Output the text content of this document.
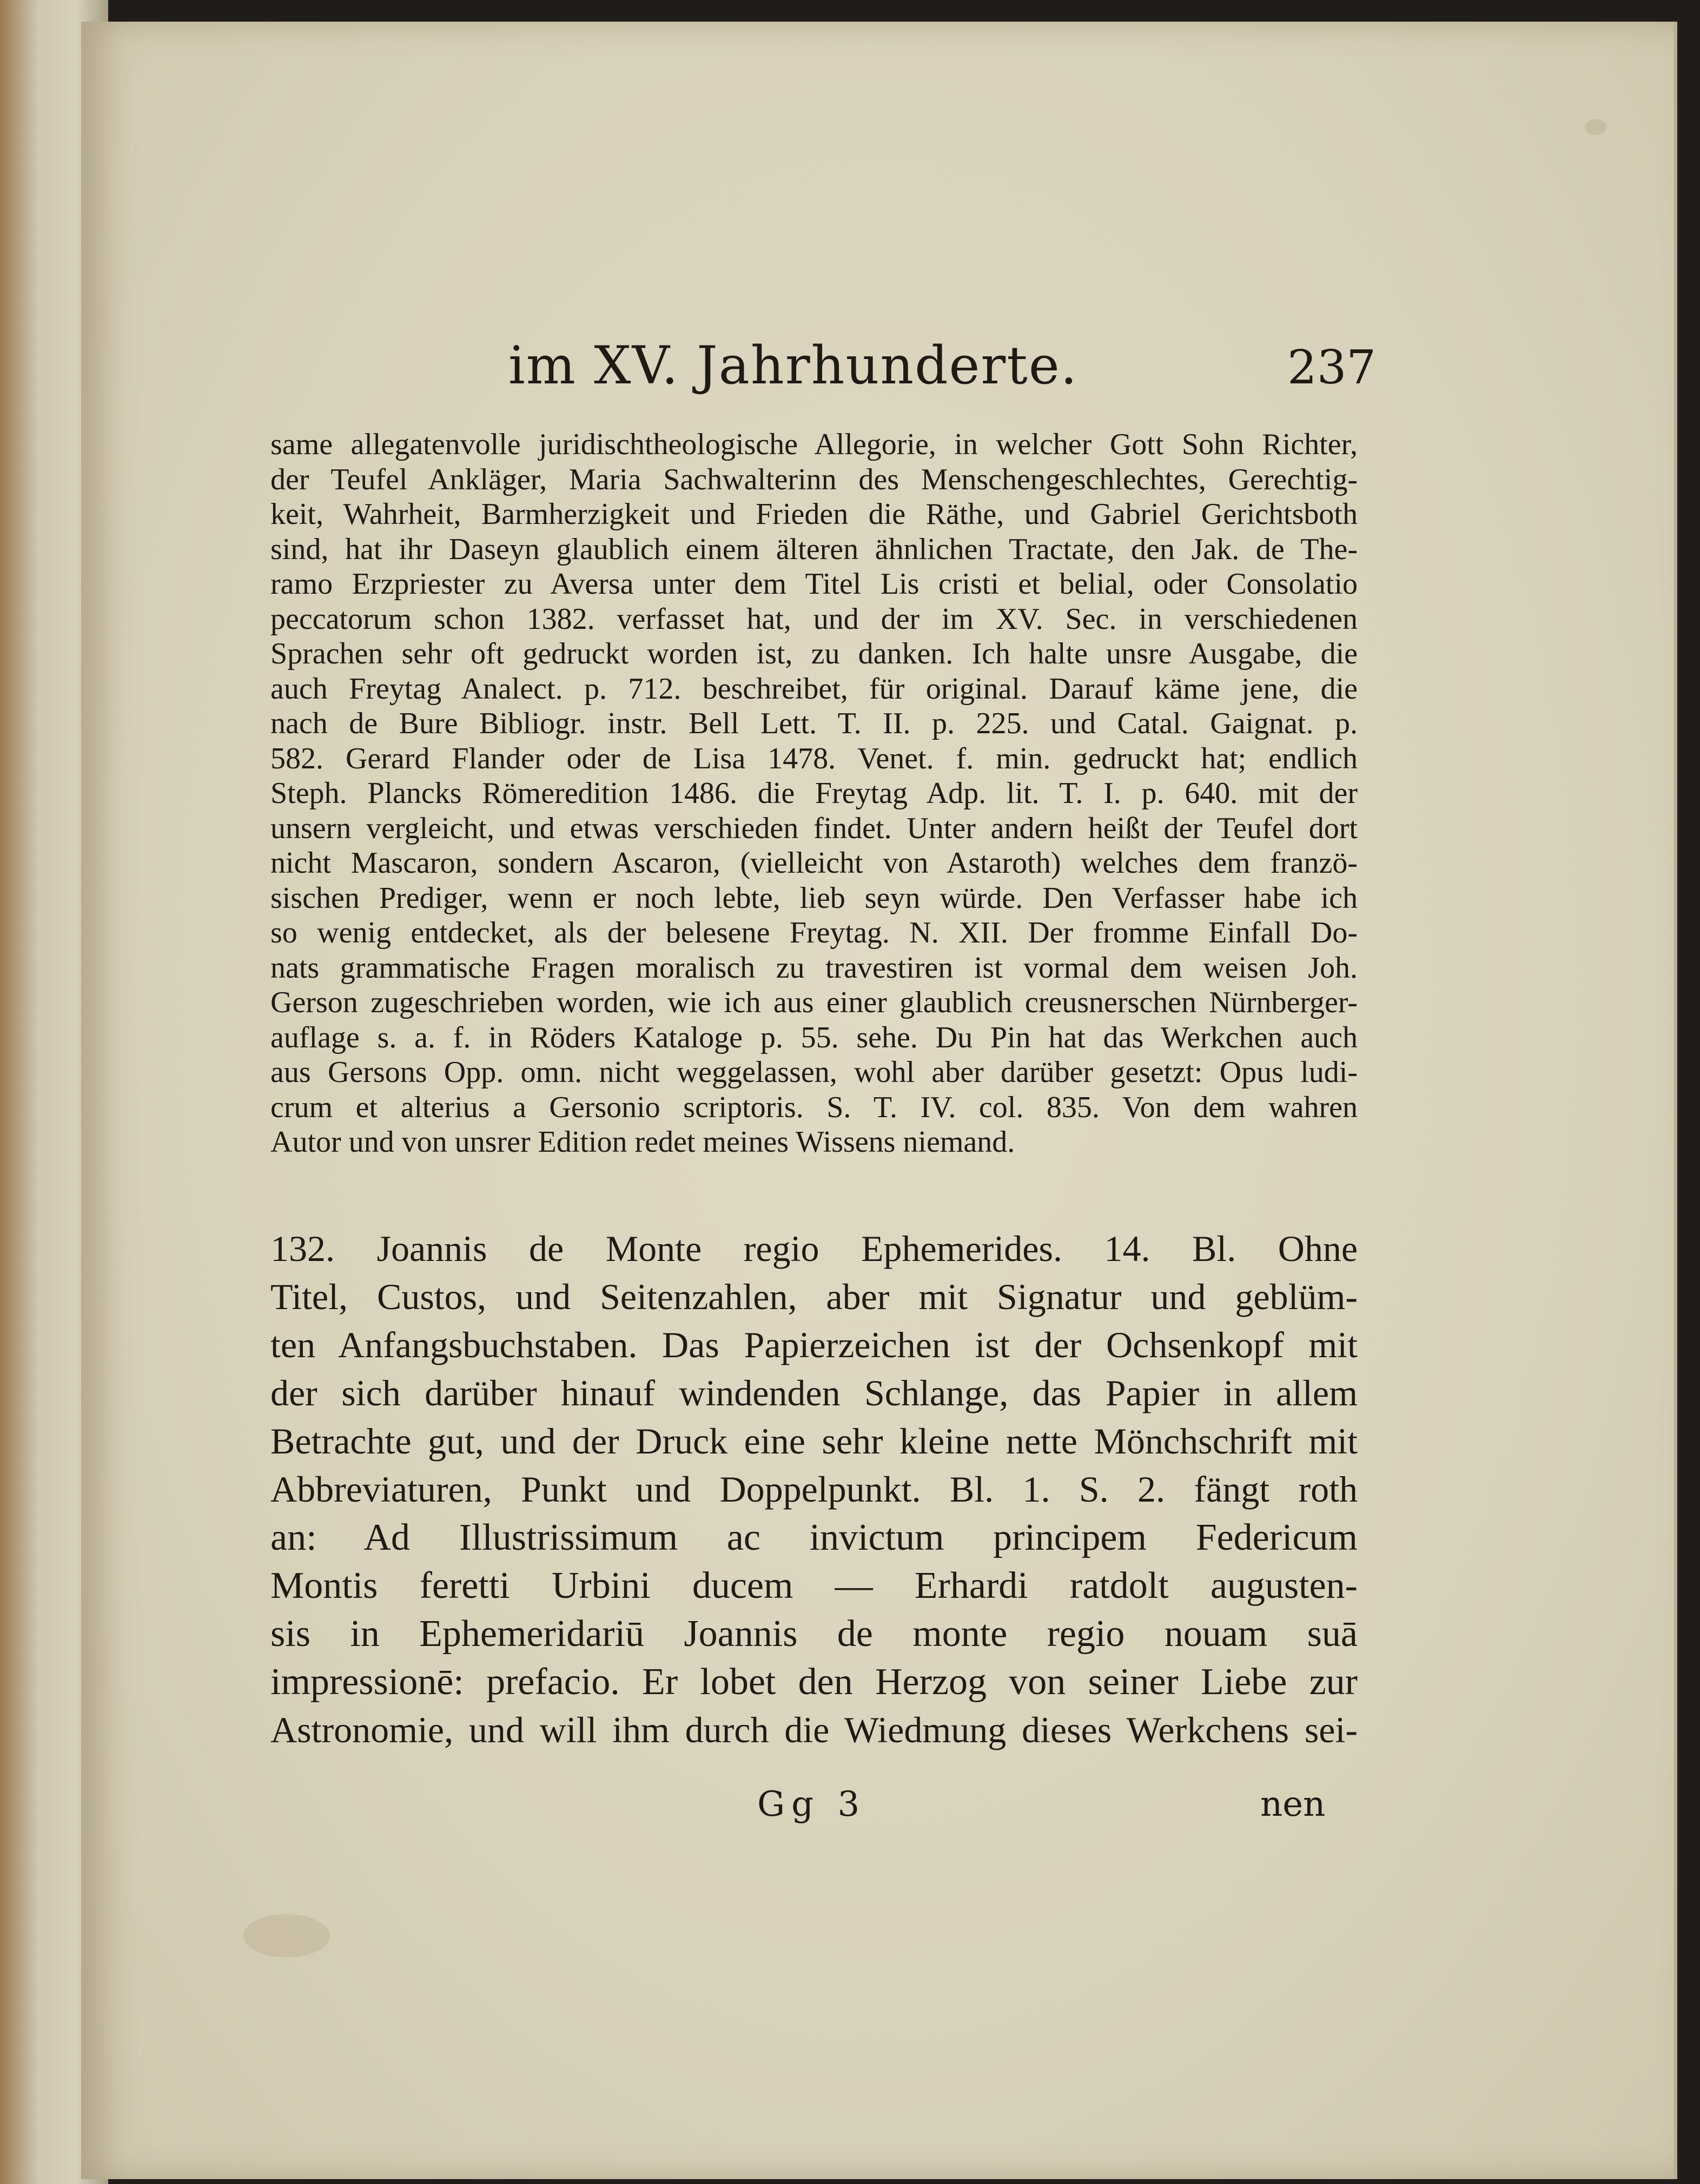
im XV. Jahrhunderte.	237
same allegatenvolle juridischtheologische Allegorie, in welcher Gott Sohn Richter,
der Teufel Ankläger, Maria Sachwalterinn des Menschengeschlechtes, Gerechtig-
keit, Wahrheit, Barmherzigkeit und Frieden die Räthe, und Gabriel Gerichtsboth
sind, hat ihr Daseyn glaublich einem älteren ähnlichen Tractate, den Jak. de The-
ramo Erzpriester zu Aversa unter dem Titel Lis cristi et belial, oder Consolatio
peccatorum schon 1382. verfasset hat, und der im XV. Sec. in verschiedenen
Sprachen sehr oft gedruckt worden ist, zu danken. Ich halte unsre Ausgabe, die
auch Freytag Analect. p. 712. beschreibet, für original. Darauf käme jene, die
nach de Bure Bibliogr. instr. Bell Lett. T. II. p. 225. und Catal. Gaignat. p.
582. Gerard Flander oder de Lisa 1478. Venet. f. min. gedruckt hat; endlich
Steph. Plancks Römeredition 1486. die Freytag Adp. lit. T. I. p. 640. mit der
unsern vergleicht, und etwas verschieden findet. Unter andern heißt der Teufel dort
nicht Mascaron, sondern Ascaron, (vielleicht von Astaroth) welches dem franzö-
sischen Prediger, wenn er noch lebte, lieb seyn würde. Den Verfasser habe ich
so wenig entdecket, als der belesene Freytag. N. XII. Der fromme Einfall Do-
nats grammatische Fragen moralisch zu travestiren ist vormal dem weisen Joh.
Gerson zugeschrieben worden, wie ich aus einer glaublich creusnerschen Nürnberger-
auflage s. a. f. in Röders Kataloge p. 55. sehe. Du Pin hat das Werkchen auch
aus Gersons Opp. omn. nicht weggelassen, wohl aber darüber gesetzt: Opus ludi-
crum et alterius a Gersonio scriptoris. S. T. IV. col. 835. Von dem wahren
Autor und von unsrer Edition redet meines Wissens niemand.
132. Joannis de Monte regio Ephemerides. 14. Bl. Ohne
Titel, Custos, und Seitenzahlen, aber mit Signatur und geblüm-
ten Anfangsbuchstaben. Das Papierzeichen ist der Ochsenkopf mit
der sich darüber hinauf windenden Schlange, das Papier in allem
Betrachte gut, und der Druck eine sehr kleine nette Mönchschrift mit
Abbreviaturen, Punkt und Doppelpunkt. Bl. 1. S. 2. fängt roth
an: Ad Illustrissimum ac invictum principem Federicum
Montis feretti Urbini ducem — Erhardi ratdolt augusten-
sis in Ephemeridariū Joannis de monte regio nouam suā
impressionē: prefacio. Er lobet den Herzog von seiner Liebe zur
Astronomie, und will ihm durch die Wiedmung dieses Werkchens sei-
Gg 3	nen
